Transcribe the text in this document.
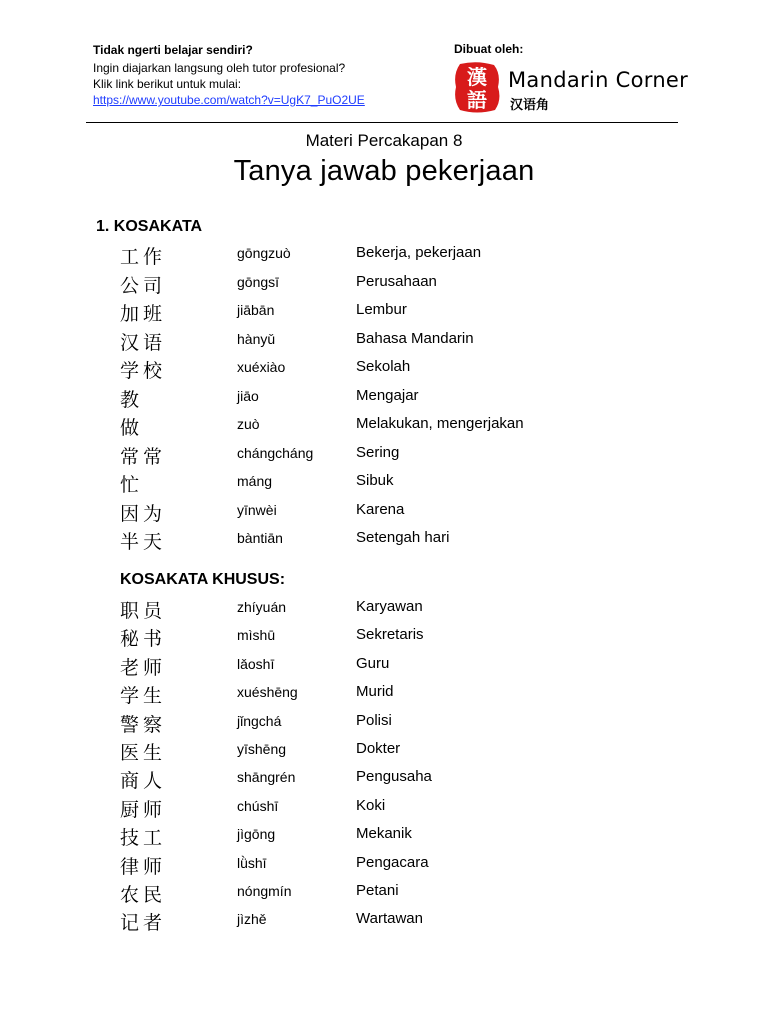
Tidak ngerti belajar sendiri?
Ingin diajarkan langsung oleh tutor profesional?
Klik link berikut untuk mulai:
https://www.youtube.com/watch?v=UgK7_PuO2UE
Dibuat oleh:
漢
語
Mandarin Corner
汉语角
Materi Percakapan 8
Tanya jawab pekerjaan
1. KOSAKATA
工作	gōngzuò	Bekerja, pekerjaan
公司	gōngsī	Perusahaan
加班	jiābān	Lembur
汉语	hànyǔ	Bahasa Mandarin
学校	xuéxiào	Sekolah
教	jiāo	Mengajar
做	zuò	Melakukan, mengerjakan
常常	chángcháng	Sering
忙	máng	Sibuk
因为	yīnwèi	Karena
半天	bàntiān	Setengah hari
KOSAKATA KHUSUS:
职员	zhíyuán	Karyawan
秘书	mìshū	Sekretaris
老师	lǎoshī	Guru
学生	xuéshēng	Murid
警察	jǐngchá	Polisi
医生	yīshēng	Dokter
商人	shāngrén	Pengusaha
厨师	chúshī	Koki
技工	jìgōng	Mekanik
律师	lǜshī	Pengacara
农民	nóngmín	Petani
记者	jìzhě	Wartawan
